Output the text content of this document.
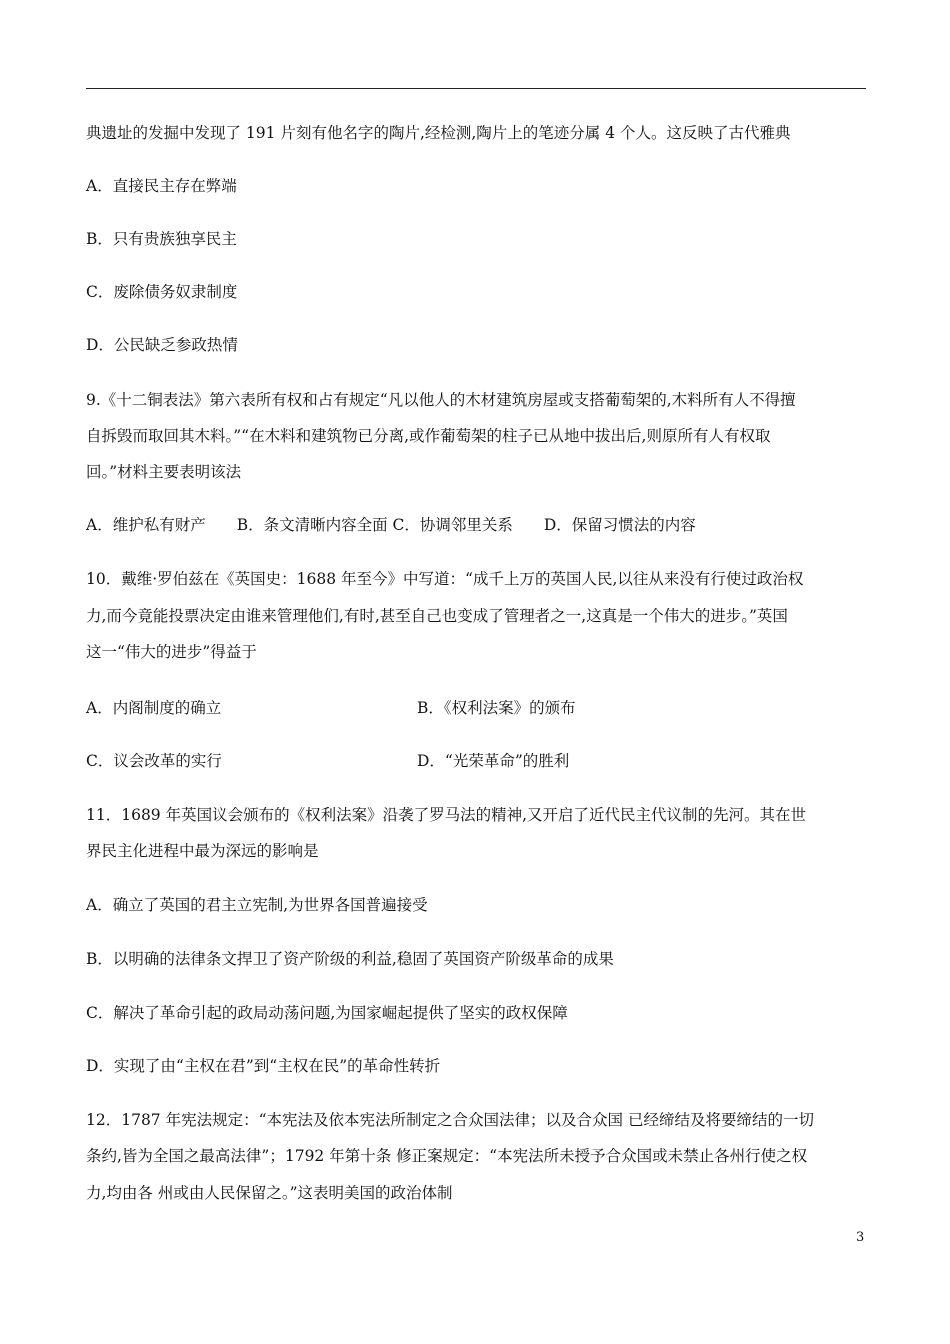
典遗址的发掘中发现了 191 片刻有他名字的陶片,经检测,陶片上的笔迹分属 4 个人。这反映了古代雅典
A．直接民主存在弊端
B．只有贵族独享民主
C．废除债务奴隶制度
D．公民缺乏参政热情
9.《十二铜表法》第六表所有权和占有规定“凡以他人的木材建筑房屋或支搭葡萄架的,木料所有人不得擅
自拆毁而取回其木料。”“在木料和建筑物已分离,或作葡萄架的柱子已从地中拔出后,则原所有人有权取
回。”材料主要表明该法
A．维护私有财产　　B．条文清晰内容全面 C．协调邻里关系　　D．保留习惯法的内容
10．戴维·罗伯兹在《英国史：1688 年至今》中写道：“成千上万的英国人民,以往从来没有行使过政治权
力,而今竟能投票决定由谁来管理他们,有时,甚至自己也变成了管理者之一,这真是一个伟大的进步。”英国
这一“伟大的进步”得益于
A．内阁制度的确立	B．《权利法案》的颁布
C．议会改革的实行	D．“光荣革命”的胜利
11．1689 年英国议会颁布的《权利法案》沿袭了罗马法的精神,又开启了近代民主代议制的先河。其在世
界民主化进程中最为深远的影响是
A．确立了英国的君主立宪制,为世界各国普遍接受
B．以明确的法律条文捍卫了资产阶级的利益,稳固了英国资产阶级革命的成果
C．解决了革命引起的政局动荡问题,为国家崛起提供了坚实的政权保障
D．实现了由“主权在君”到“主权在民”的革命性转折
12．1787 年宪法规定：“本宪法及依本宪法所制定之合众国法律；以及合众国 已经缔结及将要缔结的一切
条约,皆为全国之最高法律”；1792 年第十条 修正案规定：“本宪法所未授予合众国或未禁止各州行使之权
力,均由各 州或由人民保留之。”这表明美国的政治体制
3
